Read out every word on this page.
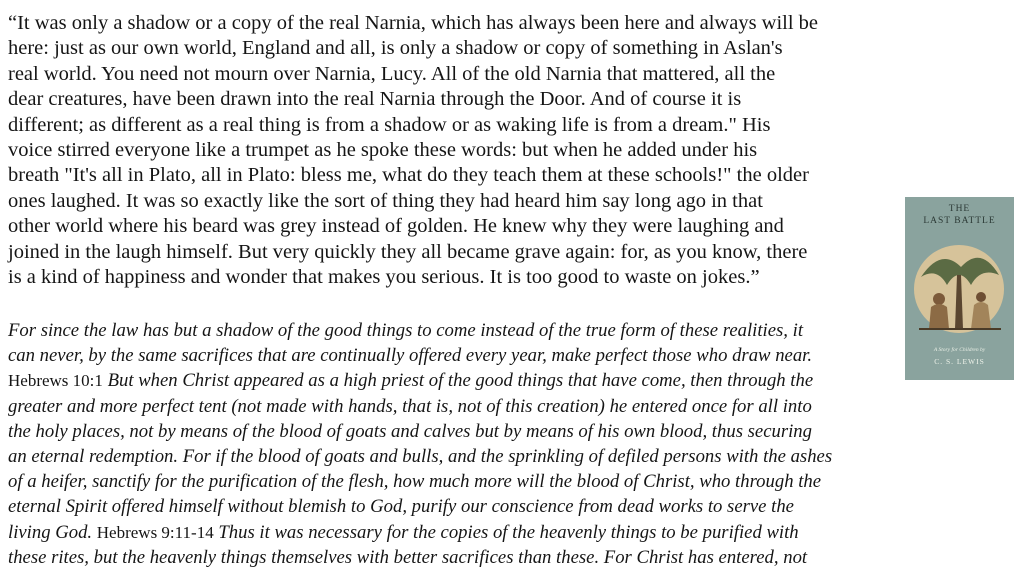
“It was only a shadow or a copy of the real Narnia, which has always been here and always will be
here: just as our own world, England and all, is only a shadow or copy of something in Aslan's
real world. You need not mourn over Narnia, Lucy. All of the old Narnia that mattered, all the
dear creatures, have been drawn into the real Narnia through the Door. And of course it is
different; as different as a real thing is from a shadow or as waking life is from a dream." His
voice stirred everyone like a trumpet as he spoke these words: but when he added under his
breath "It's all in Plato, all in Plato: bless me, what do they teach them at these schools!" the older
ones laughed. It was so exactly like the sort of thing they had heard him say long ago in that
other world where his beard was grey instead of golden. He knew why they were laughing and
joined in the laugh himself. But very quickly they all became grave again: for, as you know, there
is a kind of happiness and wonder that makes you serious. It is too good to waste on jokes.”
For since the law has but a shadow of the good things to come instead of the true form of these realities, it
can never, by the same sacrifices that are continually offered every year, make perfect those who draw near.
Hebrews 10:1 But when Christ appeared as a high priest of the good things that have come, then through the
greater and more perfect tent (not made with hands, that is, not of this creation) he entered once for all into
the holy places, not by means of the blood of goats and calves but by means of his own blood, thus securing
an eternal redemption. For if the blood of goats and bulls, and the sprinkling of defiled persons with the ashes
of a heifer, sanctify for the purification of the flesh, how much more will the blood of Christ, who through the
eternal Spirit offered himself without blemish to God, purify our conscience from dead works to serve the
living God. Hebrews 9:11-14 Thus it was necessary for the copies of the heavenly things to be purified with
these rites, but the heavenly things themselves with better sacrifices than these. For Christ has entered, not
THE
LAST BATTLE
A Story for Children by
C. S. LEWIS
